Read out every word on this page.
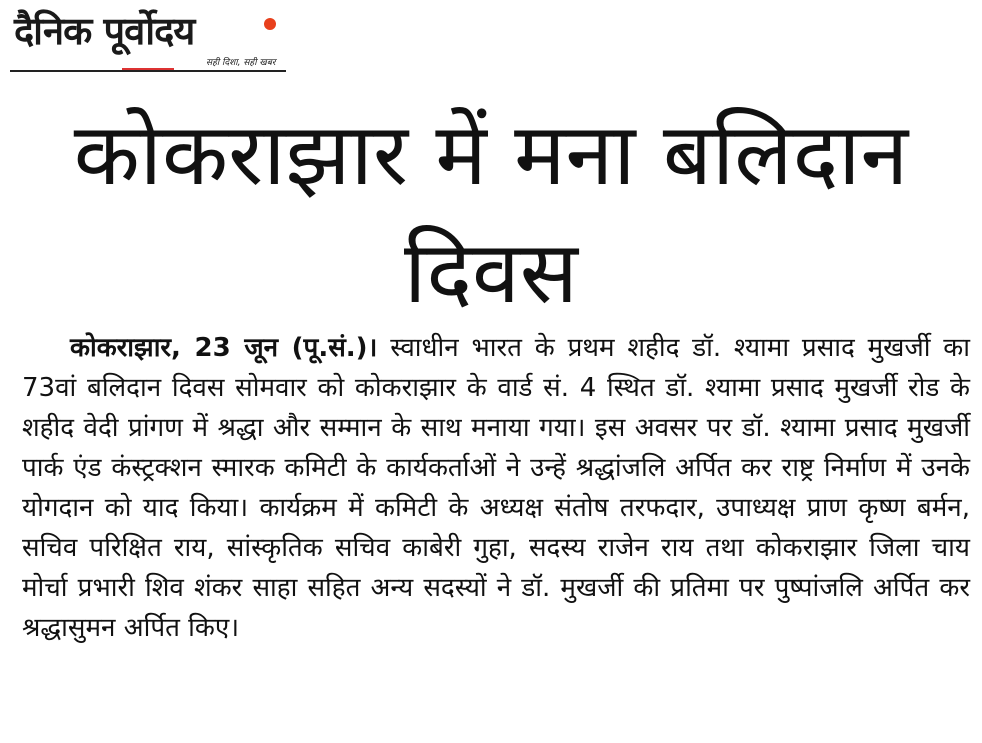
दैनिक पूर्वोदय
सही दिशा, सही खबर
कोकराझार में मना बलिदान दिवस

कोकराझार, 23 जून (पू.सं.)। स्वाधीन भारत के प्रथम शहीद डॉ. श्यामा प्रसाद मुखर्जी का 73वां बलिदान दिवस सोमवार को कोकराझार के वार्ड सं. 4 स्थित डॉ. श्यामा प्रसाद मुखर्जी रोड के शहीद वेदी प्रांगण में श्रद्धा और सम्मान के साथ मनाया गया। इस अवसर पर डॉ. श्यामा प्रसाद मुखर्जी पार्क एंड कंस्ट्रक्शन स्मारक कमिटी के कार्यकर्ताओं ने उन्हें श्रद्धांजलि अर्पित कर राष्ट्र निर्माण में उनके योगदान को याद किया। कार्यक्रम में कमिटी के अध्यक्ष संतोष तरफदार, उपाध्यक्ष प्राण कृष्ण बर्मन, सचिव परिक्षित राय, सांस्कृतिक सचिव काबेरी गुहा, सदस्य राजेन राय तथा कोकराझार जिला चाय मोर्चा प्रभारी शिव शंकर साहा सहित अन्य सदस्यों ने डॉ. मुखर्जी की प्रतिमा पर पुष्पांजलि अर्पित कर श्रद्धासुमन अर्पित किए।
